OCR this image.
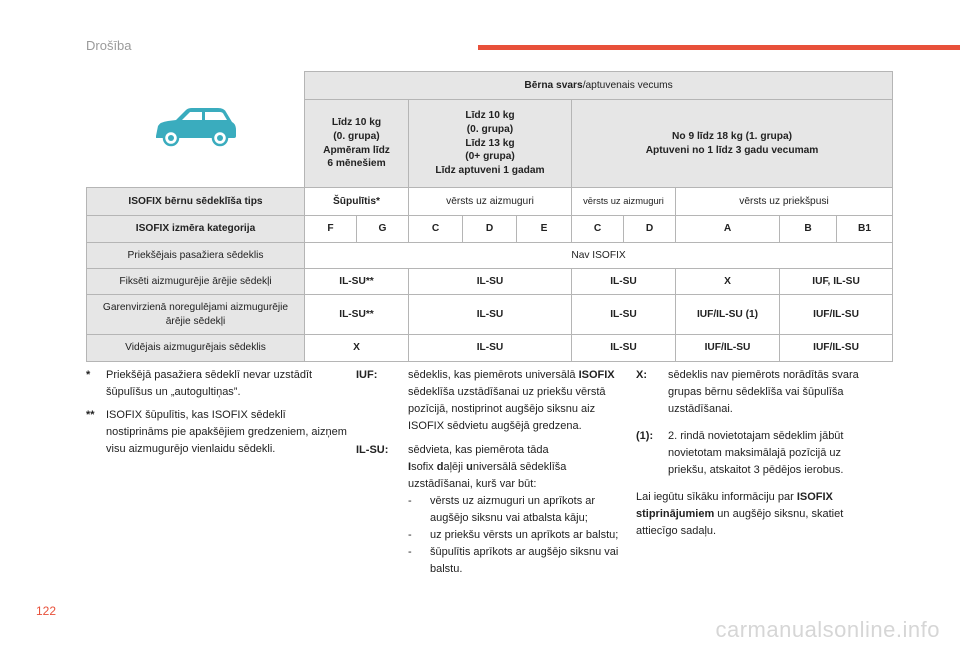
Drošība
	Bērna svars/aptuvenais vecums									

	Līdz 10 kg
(0. grupa)
Apmēram līdz
6 mēnešiem		Līdz 10 kg
(0. grupa)
Līdz 13 kg
(0+ grupa)
Līdz aptuveni 1 gadam			No 9 līdz 18 kg (1. grupa)
Aptuveni no 1 līdz 3 gadu vecumam				

ISOFIX bērnu sēdeklīša tips	Šūpulītis*		vērsts uz aizmuguri			vērsts uz aizmuguri		vērsts uz priekšpusi		
ISOFIX izmēra kategorija	F	G	C	D	E	C	D	A	B	B1
Priekšējais pasažiera sēdeklis	Nav ISOFIX									
Fiksēti aizmugurējie ārējie sēdekļi	IL-SU**		IL-SU			IL-SU		X	IUF, IL-SU	
Garenvirzienā noregulējami aizmugurējie ārējie sēdekļi	IL-SU**		IL-SU			IL-SU		IUF/IL-SU (1)	IUF/IL-SU	
Vidējais aizmugurējais sēdeklis	X		IL-SU			IL-SU		IUF/IL-SU	IUF/IL-SU	
* Priekšējā pasažiera sēdeklī nevar uzstādīt šūpulīšus un „autogultiņas”.
** ISOFIX šūpulītis, kas ISOFIX sēdeklī nostiprināms pie apakšējiem gredzeniem, aizņem visu aizmugurējo vienlaidu sēdekli.
IUF:	sēdeklis, kas piemērots universālā ISOFIX sēdeklīša uzstādīšanai uz priekšu vērstā pozīcijā, nostiprinot augšējo siksnu aiz ISOFIX sēdvietu augšējā gredzena.
IL-SU: sēdvieta, kas piemērota tāda
Isofix daļēji universālā sēdeklīša uzstādīšanai, kurš var būt:
- vērsts uz aizmuguri un aprīkots ar augšējo siksnu vai atbalsta kāju;
- uz priekšu vērsts un aprīkots ar balstu;
- šūpulītis aprīkots ar augšējo siksnu vai balstu.
X: sēdeklis nav piemērots norādītās svara grupas bērnu sēdeklīša vai šūpulīša uzstādīšanai.
(1): 2. rindā novietotajam sēdeklim jābūt novietotam maksimālajā pozīcijā uz priekšu, atskaitot 3 pēdējos ierobus.
Lai iegūtu sīkāku informāciju par ISOFIX stiprinājumiem un augšējo siksnu, skatiet attiecīgo sadaļu.
122
carmanualsonline.info
